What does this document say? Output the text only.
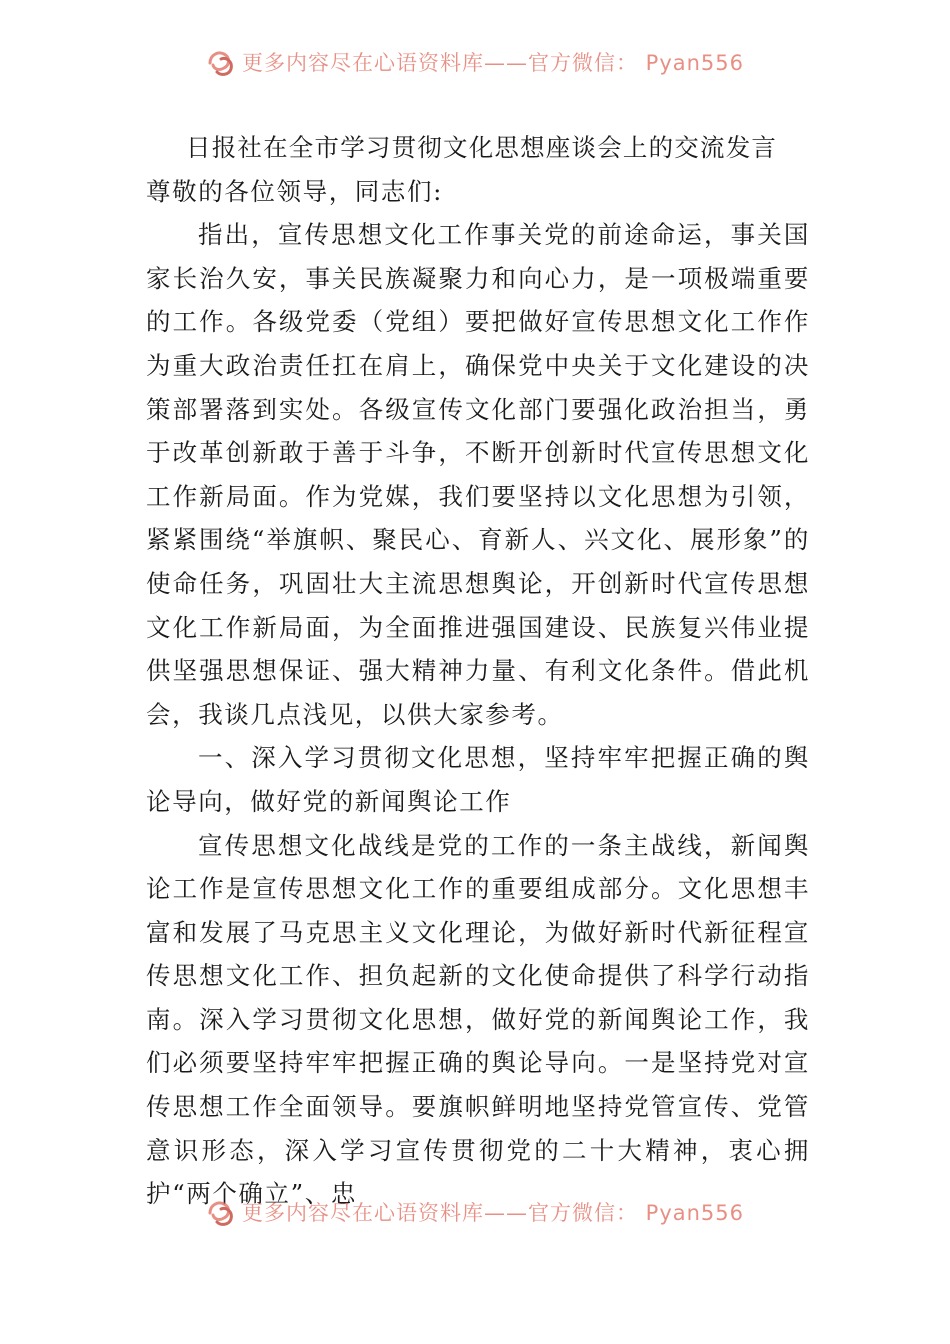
更多内容尽在心语资料库——官方微信： Pyan556

日报社在全市学习贯彻文化思想座谈会上的交流发言

尊敬的各位领导，同志们:

指出，宣传思想文化工作事关党的前途命运，事关国家长治久安，事关民族凝聚力和向心力，是一项极端重要的工作。各级党委（党组）要把做好宣传思想文化工作作为重大政治责任扛在肩上，确保党中央关于文化建设的决策部署落到实处。各级宣传文化部门要强化政治担当，勇于改革创新敢于善于斗争，不断开创新时代宣传思想文化工作新局面。作为党媒，我们要坚持以文化思想为引领，紧紧围绕“举旗帜、聚民心、育新人、兴文化、展形象”的使命任务，巩固壮大主流思想舆论，开创新时代宣传思想文化工作新局面，为全面推进强国建设、民族复兴伟业提供坚强思想保证、强大精神力量、有利文化条件。借此机会，我谈几点浅见，以供大家参考。

一、深入学习贯彻文化思想，坚持牢牢把握正确的舆论导向，做好党的新闻舆论工作

宣传思想文化战线是党的工作的一条主战线，新闻舆论工作是宣传思想文化工作的重要组成部分。文化思想丰富和发展了马克思主义文化理论，为做好新时代新征程宣传思想文化工作、担负起新的文化使命提供了科学行动指南。深入学习贯彻文化思想，做好党的新闻舆论工作，我们必须要坚持牢牢把握正确的舆论导向。一是坚持党对宣传思想工作全面领导。要旗帜鲜明地坚持党管宣传、党管意识形态，深入学习宣传贯彻党的二十大精神，衷心拥护“两个确立”、忠

更多内容尽在心语资料库——官方微信： Pyan556
